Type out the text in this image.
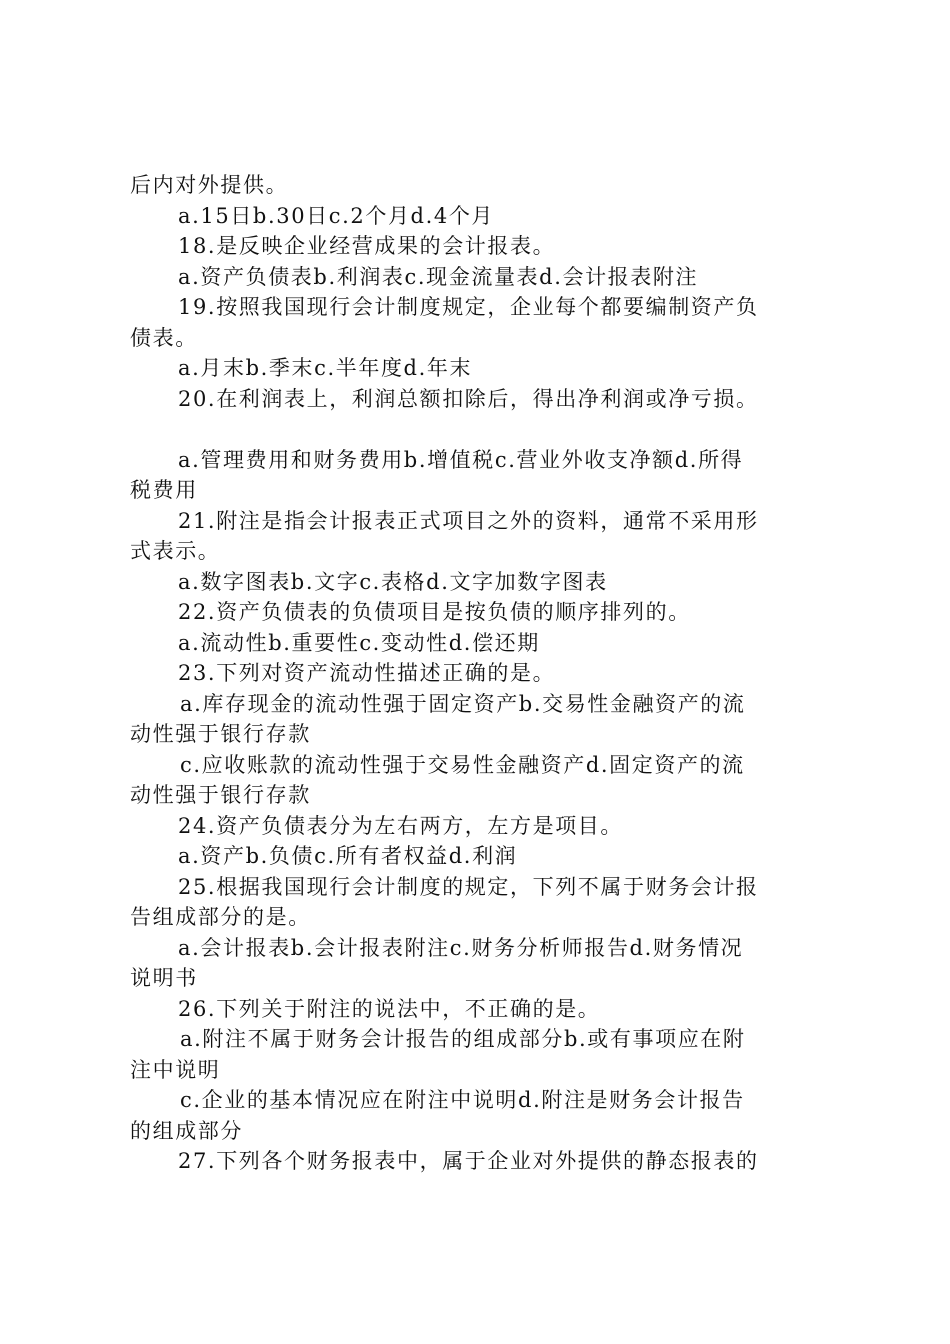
后内对外提供。
a.15日b.30日c.2个月d.4个月
18.是反映企业经营成果的会计报表。
a.资产负债表b.利润表c.现金流量表d.会计报表附注
19.按照我国现行会计制度规定，企业每个都要编制资产负
债表。
a.月末b.季末c.半年度d.年末
20.在利润表上，利润总额扣除后，得出净利润或净亏损。
a.管理费用和财务费用b.增值税c.营业外收支净额d.所得
税费用
21.附注是指会计报表正式项目之外的资料，通常不采用形
式表示。
a.数字图表b.文字c.表格d.文字加数字图表
22.资产负债表的负债项目是按负债的顺序排列的。
a.流动性b.重要性c.变动性d.偿还期
23.下列对资产流动性描述正确的是。
a.库存现金的流动性强于固定资产b.交易性金融资产的流
动性强于银行存款
c.应收账款的流动性强于交易性金融资产d.固定资产的流
动性强于银行存款
24.资产负债表分为左右两方，左方是项目。
a.资产b.负债c.所有者权益d.利润
25.根据我国现行会计制度的规定，下列不属于财务会计报
告组成部分的是。
a.会计报表b.会计报表附注c.财务分析师报告d.财务情况
说明书
26.下列关于附注的说法中，不正确的是。
a.附注不属于财务会计报告的组成部分b.或有事项应在附
注中说明
c.企业的基本情况应在附注中说明d.附注是财务会计报告
的组成部分
27.下列各个财务报表中，属于企业对外提供的静态报表的
